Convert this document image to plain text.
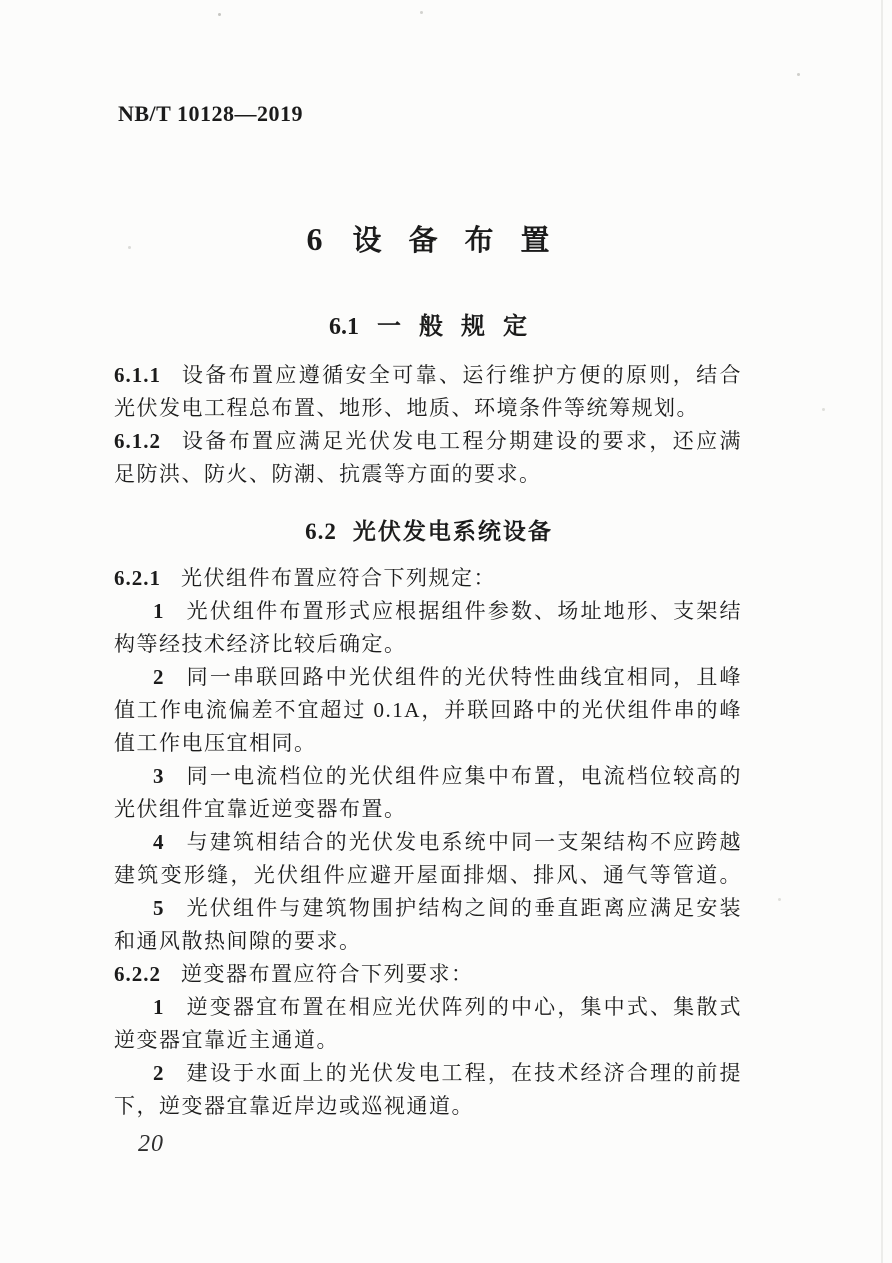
NB/T 10128—2019
6 设备布置
6.1 一般规定
6.1.1 设备布置应遵循安全可靠、运行维护方便的原则，结合
光伏发电工程总布置、地形、地质、环境条件等统筹规划。
6.1.2 设备布置应满足光伏发电工程分期建设的要求，还应满
足防洪、防火、防潮、抗震等方面的要求。
6.2 光伏发电系统设备
6.2.1 光伏组件布置应符合下列规定：
1 光伏组件布置形式应根据组件参数、场址地形、支架结
构等经技术经济比较后确定。
2 同一串联回路中光伏组件的光伏特性曲线宜相同，且峰
值工作电流偏差不宜超过 0.1A，并联回路中的光伏组件串的峰
值工作电压宜相同。
3 同一电流档位的光伏组件应集中布置，电流档位较高的
光伏组件宜靠近逆变器布置。
4 与建筑相结合的光伏发电系统中同一支架结构不应跨越
建筑变形缝，光伏组件应避开屋面排烟、排风、通气等管道。
5 光伏组件与建筑物围护结构之间的垂直距离应满足安装
和通风散热间隙的要求。
6.2.2 逆变器布置应符合下列要求：
1 逆变器宜布置在相应光伏阵列的中心，集中式、集散式
逆变器宜靠近主通道。
2 建设于水面上的光伏发电工程，在技术经济合理的前提
下，逆变器宜靠近岸边或巡视通道。
20
